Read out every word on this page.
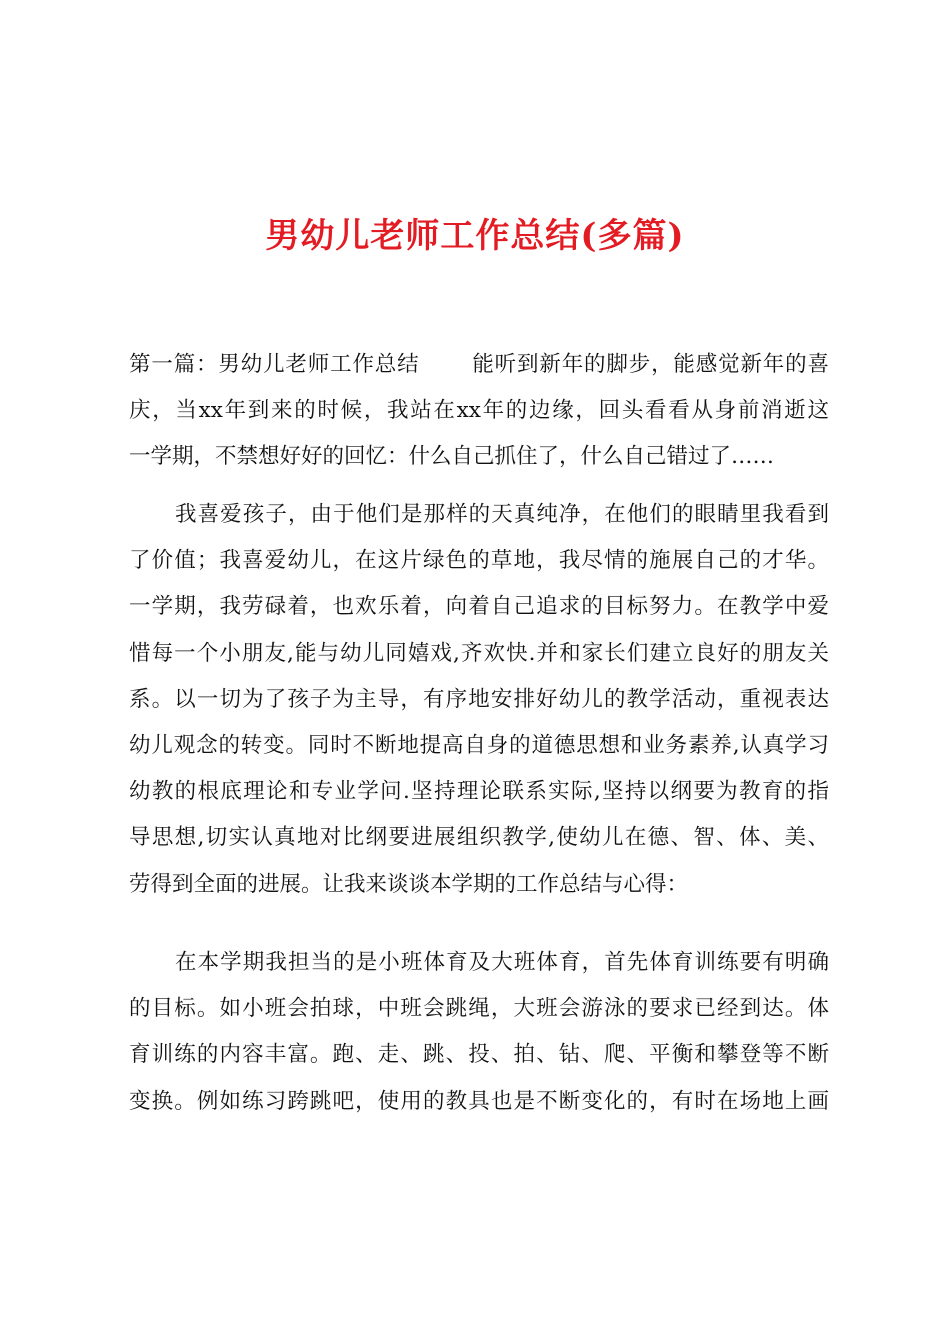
男幼儿老师工作总结(多篇)
第一篇：男幼儿老师工作总结 能听到新年的脚步，能感觉新年的喜
庆，当xx年到来的时候，我站在xx年的边缘，回头看看从身前消逝这
一学期，不禁想好好的回忆：什么自己抓住了，什么自己错过了……
我喜爱孩子，由于他们是那样的天真纯净，在他们的眼睛里我看到
了价值；我喜爱幼儿，在这片绿色的草地，我尽情的施展自己的才华。
一学期，我劳碌着，也欢乐着，向着自己追求的目标努力。在教学中爱
惜每一个小朋友,能与幼儿同嬉戏,齐欢快.并和家长们建立良好的朋友关
系。以一切为了孩子为主导，有序地安排好幼儿的教学活动，重视表达
幼儿观念的转变。同时不断地提高自身的道德思想和业务素养,认真学习
幼教的根底理论和专业学问.坚持理论联系实际,坚持以纲要为教育的指
导思想,切实认真地对比纲要进展组织教学,使幼儿在德、智、体、美、
劳得到全面的进展。让我来谈谈本学期的工作总结与心得：
在本学期我担当的是小班体育及大班体育，首先体育训练要有明确
的目标。如小班会拍球，中班会跳绳，大班会游泳的要求已经到达。体
育训练的内容丰富。跑、走、跳、投、拍、钻、爬、平衡和攀登等不断
变换。例如练习跨跳吧，使用的教具也是不断变化的，有时在场地上画
